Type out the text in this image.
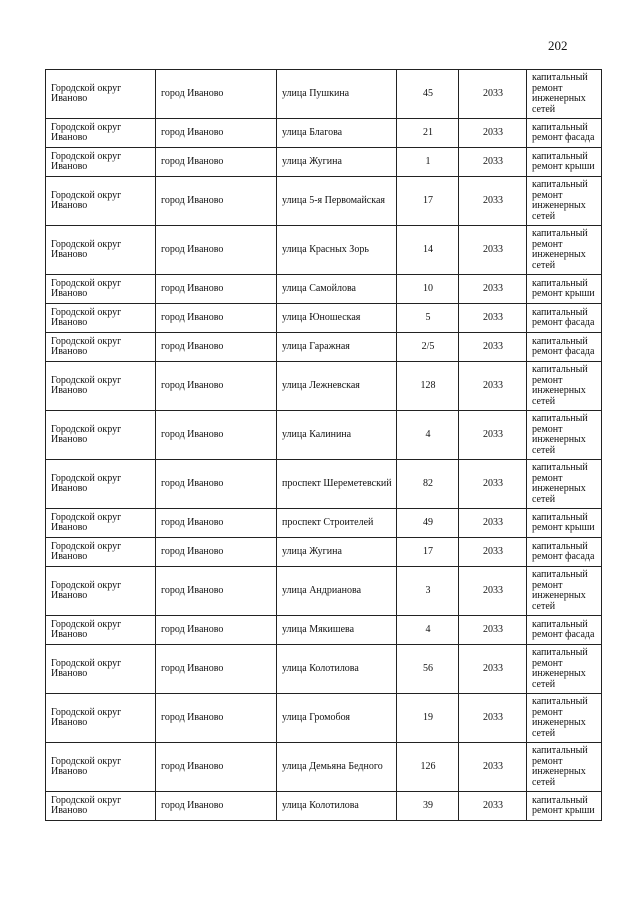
202
Городской округ Иваново	город Иваново	улица Пушкина	45	2033	капитальный ремонт инженерных сетей
Городской округ Иваново	город Иваново	улица Благова	21	2033	капитальный ремонт фасада
Городской округ Иваново	город Иваново	улица Жугина	1	2033	капитальный ремонт крыши
Городской округ Иваново	город Иваново	улица 5-я Первомайская	17	2033	капитальный ремонт инженерных сетей
Городской округ Иваново	город Иваново	улица Красных Зорь	14	2033	капитальный ремонт инженерных сетей
Городской округ Иваново	город Иваново	улица Самойлова	10	2033	капитальный ремонт крыши
Городской округ Иваново	город Иваново	улица Юношеская	5	2033	капитальный ремонт фасада
Городской округ Иваново	город Иваново	улица Гаражная	2/5	2033	капитальный ремонт фасада
Городской округ Иваново	город Иваново	улица Лежневская	128	2033	капитальный ремонт инженерных сетей
Городской округ Иваново	город Иваново	улица Калинина	4	2033	капитальный ремонт инженерных сетей
Городской округ Иваново	город Иваново	проспект Шереметевский	82	2033	капитальный ремонт инженерных сетей
Городской округ Иваново	город Иваново	проспект Строителей	49	2033	капитальный ремонт крыши
Городской округ Иваново	город Иваново	улица Жугина	17	2033	капитальный ремонт фасада
Городской округ Иваново	город Иваново	улица Андрианова	3	2033	капитальный ремонт инженерных сетей
Городской округ Иваново	город Иваново	улица Мякишева	4	2033	капитальный ремонт фасада
Городской округ Иваново	город Иваново	улица Колотилова	56	2033	капитальный ремонт инженерных сетей
Городской округ Иваново	город Иваново	улица Громобоя	19	2033	капитальный ремонт инженерных сетей
Городской округ Иваново	город Иваново	улица Демьяна Бедного	126	2033	капитальный ремонт инженерных сетей
Городской округ Иваново	город Иваново	улица Колотилова	39	2033	капитальный ремонт крыши
